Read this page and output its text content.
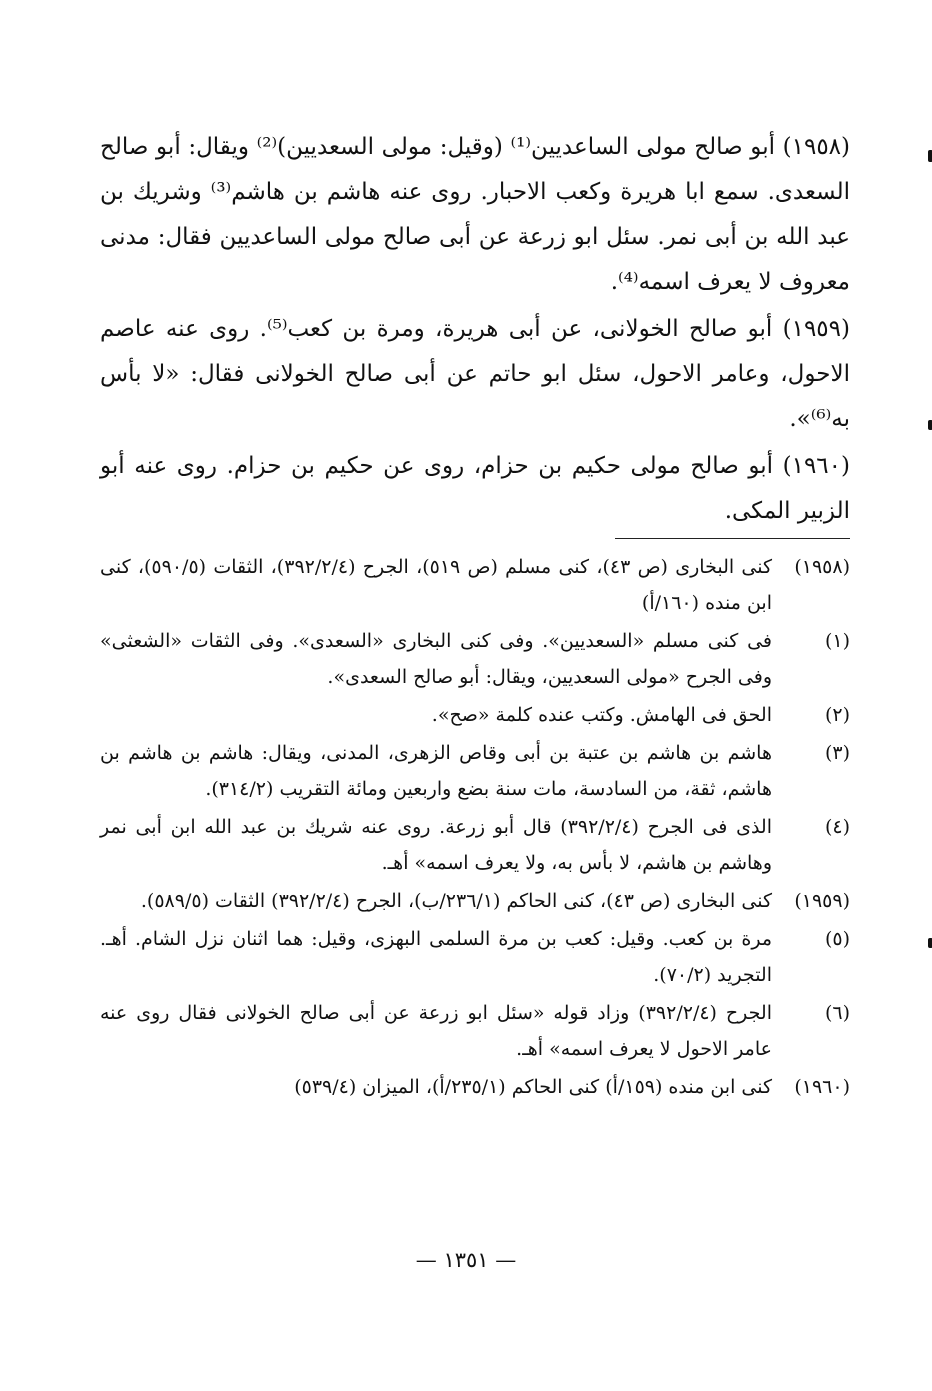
(١٩٥٨) أبو صالح مولى الساعديين⁽¹⁾ (وقيل: مولى السعديين)⁽²⁾ ويقال: أبو صالح السعدى. سمع ابا هريرة وكعب الاحبار. روى عنه هاشم بن هاشم⁽³⁾ وشريك بن عبد الله بن أبى نمر. سئل ابو زرعة عن أبى صالح مولى الساعديين فقال: مدنى معروف لا يعرف اسمه⁽⁴⁾.

(١٩٥٩) أبو صالح الخولانى، عن أبى هريرة، ومرة بن كعب⁽⁵⁾. روى عنه عاصم الاحول، وعامر الاحول، سئل ابو حاتم عن أبى صالح الخولانى فقال: «لا بأس به⁽⁶⁾».

(١٩٦٠) أبو صالح مولى حكيم بن حزام، روى عن حكيم بن حزام. روى عنه أبو الزبير المكى.

(١٩٥٨)
كنى البخارى (ص ٤٣)، كنى مسلم (ص ٥١٩)، الجرح (٣٩٢/٢/٤)، الثقات (٥٩٠/٥)، كنى ابن منده (١٦٠/أ)
(١)
فى كنى مسلم «السعديين». وفى كنى البخارى «السعدى». وفى الثقات «الشعثى» وفى الجرح «مولى السعديين، ويقال: أبو صالح السعدى».
(٢)
الحق فى الهامش. وكتب عنده كلمة «صح».
(٣)
هاشم بن هاشم بن عتبة بن أبى وقاص الزهرى، المدنى، ويقال: هاشم بن هاشم بن هاشم، ثقة، من السادسة، مات سنة بضع واربعين ومائة التقريب (٣١٤/٢).
(٤)
الذى فى الجرح (٣٩٢/٢/٤) قال أبو زرعة. روى عنه شريك بن عبد الله ابن أبى نمر وهاشم بن هاشم، لا بأس به، ولا يعرف اسمه» أهـ.
(١٩٥٩)
كنى البخارى (ص ٤٣)، كنى الحاكم (٢٣٦/١/ب)، الجرح (٣٩٢/٢/٤) الثقات (٥٨٩/٥).
(٥)
مرة بن كعب. وقيل: كعب بن مرة السلمى البهزى، وقيل: هما اثنان نزل الشام. أهـ. التجريد (٧٠/٢).
(٦)
الجرح (٣٩٢/٢/٤) وزاد قوله «سئل ابو زرعة عن أبى صالح الخولانى فقال روى عنه عامر الاحول لا يعرف اسمه» أهـ.
(١٩٦٠)
كنى ابن منده (١٥٩/أ) كنى الحاكم (٢٣٥/١/أ)، الميزان (٥٣٩/٤)
— ١٣٥١ —
